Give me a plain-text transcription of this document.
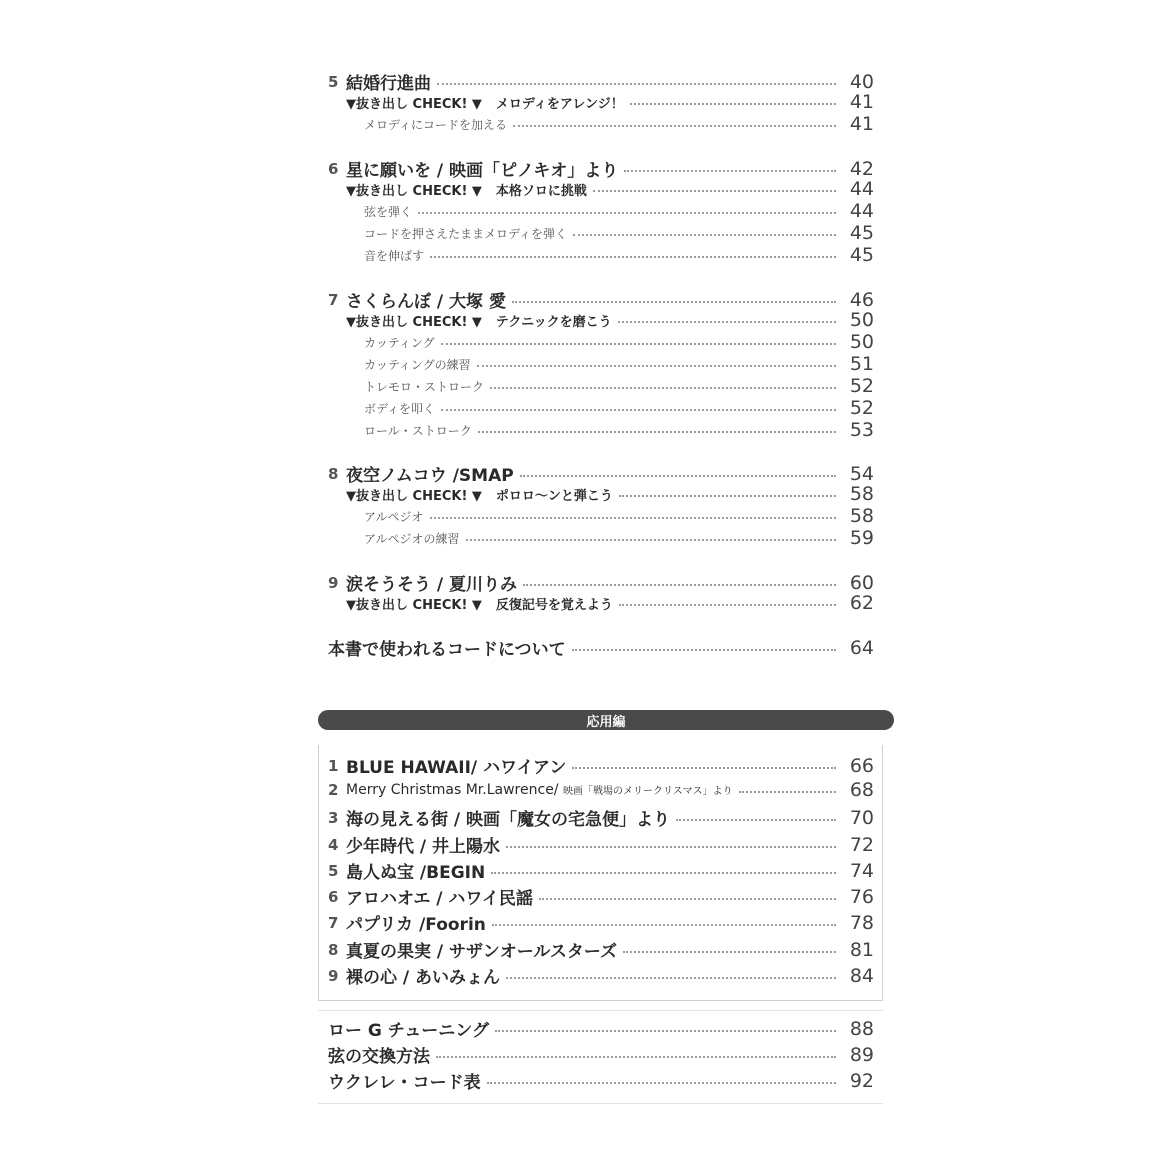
5 結婚行進曲	40
▼抜き出し CHECK! ▼ メロディをアレンジ！	41
メロディにコードを加える	41
6 星に願いを / 映画「ピノキオ」より	42
▼抜き出し CHECK! ▼ 本格ソロに挑戦	44
弦を弾く	44
コードを押さえたままメロディを弾く	45
音を伸ばす	45
7 さくらんぼ / 大塚 愛	46
▼抜き出し CHECK! ▼ テクニックを磨こう	50
カッティング	50
カッティングの練習	51
トレモロ・ストローク	52
ボディを叩く	52
ロール・ストローク	53
8 夜空ノムコウ /SMAP	54
▼抜き出し CHECK! ▼ ポロロ〜ンと弾こう	58
アルペジオ	58
アルペジオの練習	59
9 涙そうそう / 夏川りみ	60
▼抜き出し CHECK! ▼ 反復記号を覚えよう	62
本書で使われるコードについて	64
応用編
1 BLUE HAWAII/ ハワイアン	66
2 Merry Christmas Mr.Lawrence/ 映画「戦場のメリークリスマス」より	68
3 海の見える街 / 映画「魔女の宅急便」より	70
4 少年時代 / 井上陽水	72
5 島人ぬ宝 /BEGIN	74
6 アロハオエ / ハワイ民謡	76
7 パプリカ /Foorin	78
8 真夏の果実 / サザンオールスターズ	81
9 裸の心 / あいみょん	84
ロー G チューニング	88
弦の交換方法	89
ウクレレ・コード表	92
